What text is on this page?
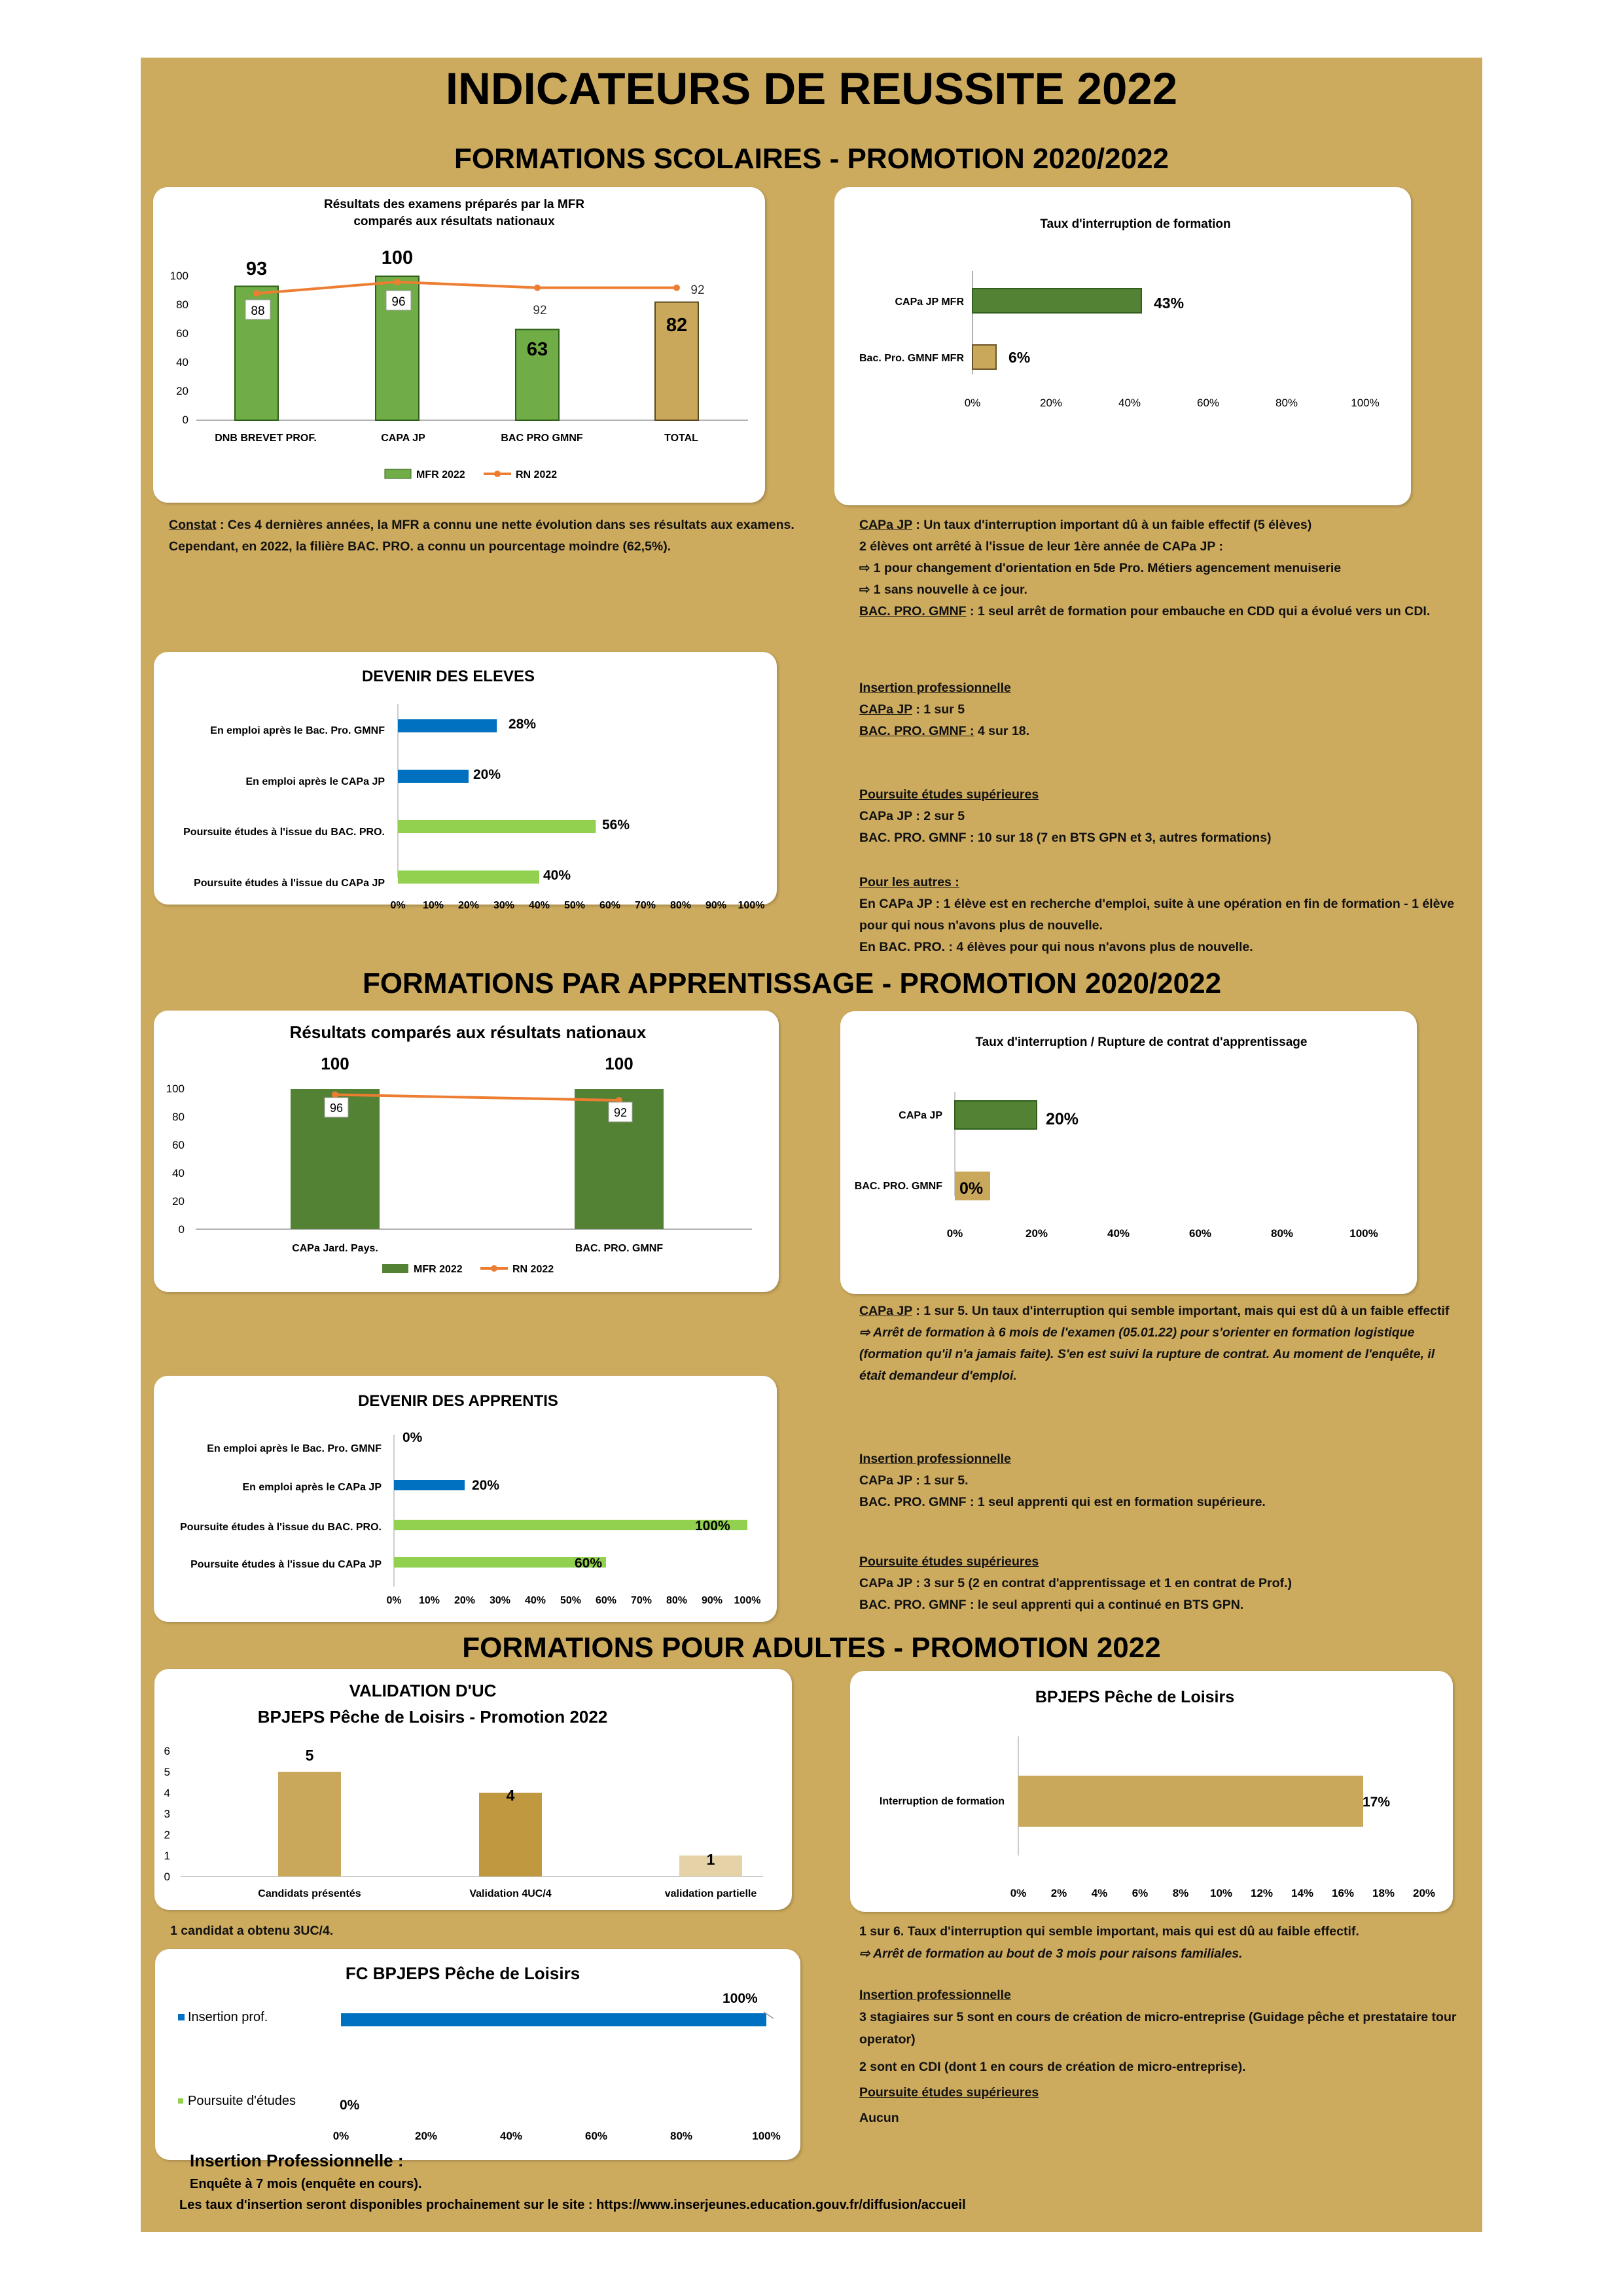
INDICATEURS DE REUSSITE 2022
FORMATIONS SCOLAIRES - PROMOTION 2020/2022
FORMATIONS PAR APPRENTISSAGE - PROMOTION 2020/2022
FORMATIONS POUR ADULTES - PROMOTION 2022
Résultats des examens préparés par la MFR
comparés aux résultats nationaux
0
20
40
60
80
100
DNB BREVET PROF.	CAPA JP	BAC PRO GMNF	TOTAL
93
100
63
82
88
96
92
92
MFR 2022	RN 2022
Taux d'interruption de formation
CAPa JP MFR
Bac. Pro. GMNF MFR
43%
6%
0%	20%	40%	60%	80%	100%
DEVENIR DES ELEVES
En emploi après le Bac. Pro. GMNF
En emploi après le CAPa JP
Poursuite études à l'issue du BAC. PRO.
Poursuite études à l'issue du CAPa JP
28%
20%
56%
40%
0% 10% 20% 30% 40% 50% 60% 70% 80% 90% 100%
Résultats comparés aux résultats nationaux
0
20
40
60
80
100
CAPa Jard. Pays.	BAC. PRO. GMNF
100	100
96	92
MFR 2022	RN 2022
Taux d'interruption / Rupture de contrat d'apprentissage
CAPa JP
BAC. PRO. GMNF
20%
0%
0%	20%	40%	60%	80%	100%
DEVENIR DES APPRENTIS
En emploi après le Bac. Pro. GMNF
En emploi après le CAPa JP
Poursuite études à l'issue du BAC. PRO.
Poursuite études à l'issue du CAPa JP
0%
20%
100%
60%
0% 10% 20% 30% 40% 50% 60% 70% 80% 90% 100%
VALIDATION D'UC
BPJEPS Pêche de Loisirs - Promotion 2022
0
1
2
3
4
5
6	5
4
1
Candidats présentés	Validation 4UC/4	validation partielle
BPJEPS Pêche de Loisirs
Interruption de formation	17%
0% 2% 4% 6% 8% 10% 12% 14% 16% 18% 20%
FC BPJEPS Pêche de Loisirs
Insertion prof.
Poursuite d'études
100%
0%
0%	20%	40%	60%	80%	100%
Constat : Ces 4 dernières années, la MFR a connu une nette évolution dans ses résultats aux examens. Cependant, en 2022, la filière BAC. PRO. a connu un pourcentage moindre (62,5%).
CAPa JP : Un taux d'interruption important dû à un faible effectif (5 élèves)
2 élèves ont arrêté à l'issue de leur 1ère année de CAPa JP :
⇨ 1 pour changement d'orientation en 5de Pro. Métiers agencement menuiserie
⇨ 1 sans nouvelle à ce jour.
BAC. PRO. GMNF : 1 seul arrêt de formation pour embauche en CDD qui a évolué vers un CDI.
Insertion professionnelle
CAPa JP : 1 sur 5
BAC. PRO. GMNF : 4 sur 18.
Poursuite études supérieures
CAPa JP : 2 sur 5
BAC. PRO. GMNF : 10 sur 18 (7 en BTS GPN et 3, autres formations)
Pour les autres :
En CAPa JP : 1 élève est en recherche d'emploi, suite à une opération en fin de formation - 1 élève pour qui nous n'avons plus de nouvelle.
En BAC. PRO. : 4 élèves pour qui nous n'avons plus de nouvelle.
CAPa JP : 1 sur 5. Un taux d'interruption qui semble important, mais qui est dû à un faible effectif ⇨ Arrêt de formation à 6 mois de l'examen (05.01.22) pour s'orienter en formation logistique (formation qu'il n'a jamais faite). S'en est suivi la rupture de contrat. Au moment de l'enquête, il était demandeur d'emploi.
Insertion professionnelle
CAPa JP : 1 sur 5.
BAC. PRO. GMNF : 1 seul apprenti qui est en formation supérieure.
Poursuite études supérieures
CAPa JP : 3 sur 5 (2 en contrat d'apprentissage et 1 en contrat de Prof.)
BAC. PRO. GMNF : le seul apprenti qui a continué en BTS GPN.
1 candidat a obtenu 3UC/4.	1 sur 6. Taux d'interruption qui semble important, mais qui est dû au faible effectif.
⇨ Arrêt de formation au bout de 3 mois pour raisons familiales.
Insertion professionnelle
3 stagiaires sur 5 sont en cours de création de micro-entreprise (Guidage pêche et prestataire tour operator)
2 sont en CDI (dont 1 en cours de création de micro-entreprise).
Poursuite études supérieures
Aucun
Insertion Professionnelle :
Enquête à 7 mois (enquête en cours).
Les taux d'insertion seront disponibles prochainement sur le site : https://www.inserjeunes.education.gouv.fr/diffusion/accueil
